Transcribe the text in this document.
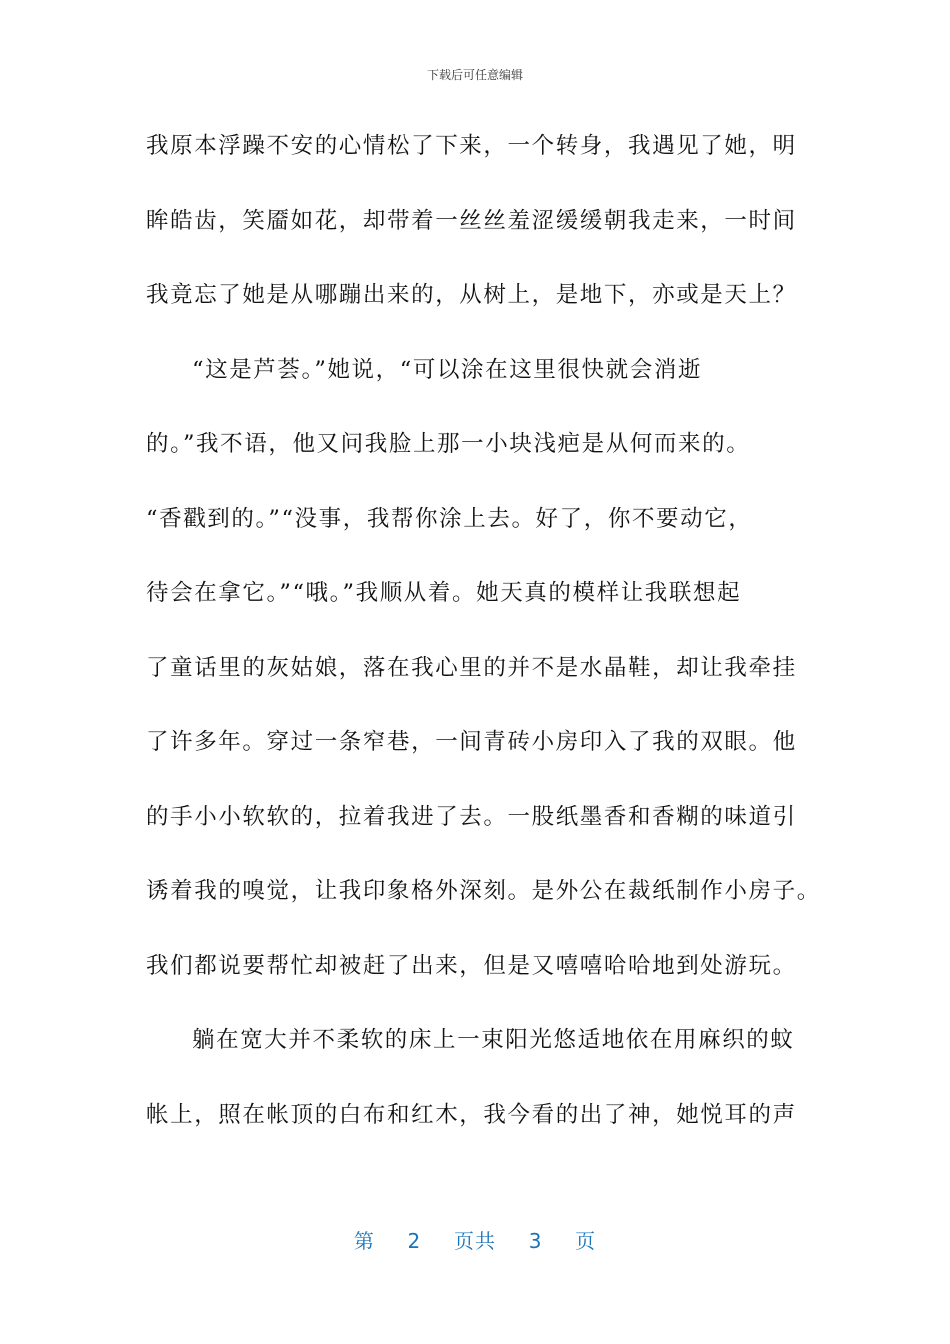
下载后可任意编辑
我原本浮躁不安的心情松了下来，一个转身，我遇见了她，明
眸皓齿，笑靥如花，却带着一丝丝羞涩缓缓朝我走来，一时间
我竟忘了她是从哪蹦出来的，从树上，是地下，亦或是天上？
“这是芦荟。”她说，“可以涂在这里很快就会消逝
的。”我不语，他又问我脸上那一小块浅疤是从何而来的。
“香戳到的。”“没事，我帮你涂上去。好了，你不要动它，
待会在拿它。”“哦。”我顺从着。她天真的模样让我联想起
了童话里的灰姑娘，落在我心里的并不是水晶鞋，却让我牵挂
了许多年。穿过一条窄巷，一间青砖小房印入了我的双眼。他
的手小小软软的，拉着我进了去。一股纸墨香和香糊的味道引
诱着我的嗅觉，让我印象格外深刻。是外公在裁纸制作小房子。
我们都说要帮忙却被赶了出来，但是又嘻嘻哈哈地到处游玩。
躺在宽大并不柔软的床上一束阳光悠适地依在用麻织的蚊
帐上，照在帐顶的白布和红木，我今看的出了神，她悦耳的声
第 2 页共 3 页
